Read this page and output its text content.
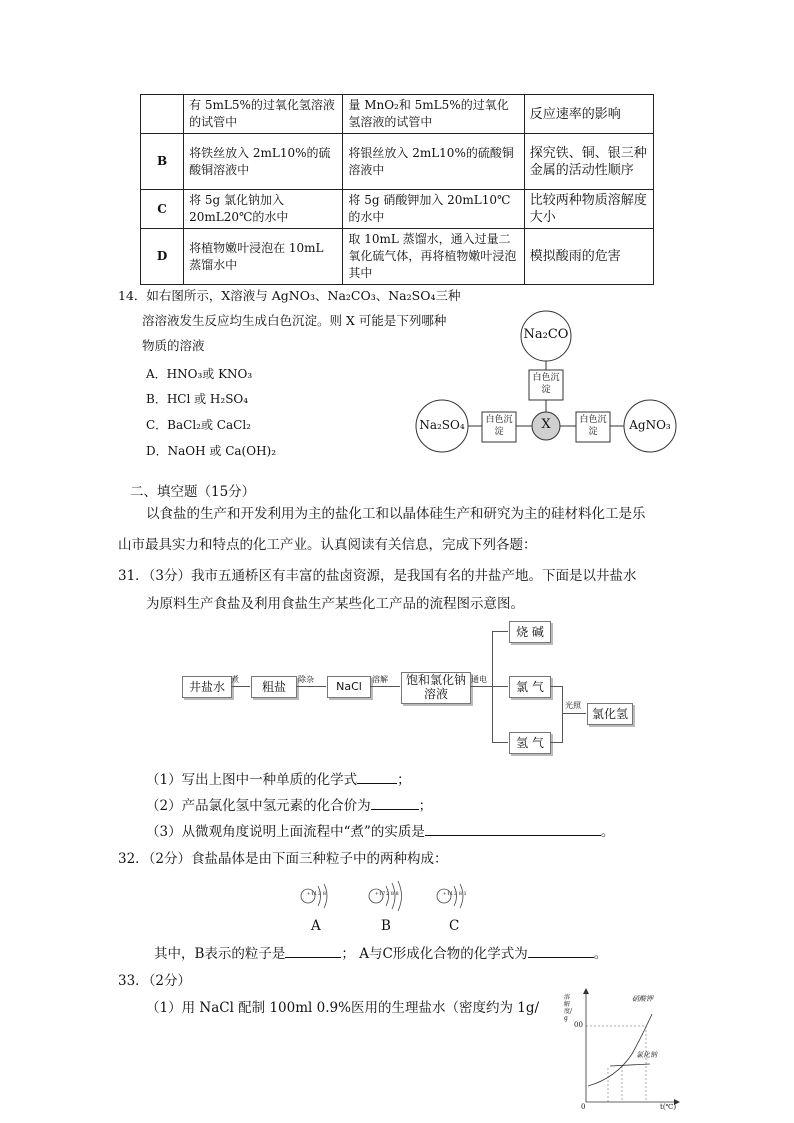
	有 5mL5%的过氧化氢溶液的试管中	量 MnO₂和 5mL5%的过氧化氢溶液的试管中	反应速率的影响
B	将铁丝放入 2mL10%的硫酸铜溶液中	将银丝放入 2mL10%的硫酸铜溶液中	探究铁、铜、银三种金属的活动性顺序
C	将 5g 氯化钠加入 20mL20℃的水中	将 5g 硝酸钾加入 20mL10℃的水中	比较两种物质溶解度大小
D	将植物嫩叶浸泡在 10mL 蒸馏水中	取 10mL 蒸馏水，通入过量二氧化硫气体，再将植物嫩叶浸泡其中	模拟酸雨的危害
14．如右图所示，X溶液与 AgNO₃、Na₂CO₃、Na₂SO₄三种
溶溶液发生反应均生成白色沉淀。则 X 可能是下列哪种
物质的溶液
A．HNO₃或 KNO₃
B．HCl 或 H₂SO₄
C．BaCl₂或 CaCl₂
D．NaOH 或 Ca(OH)₂
Na₂CO
Na₂SO₄	AgNO₃
X
白色沉淀
白色沉淀
白色沉淀
二、填空题（15分）
以食盐的生产和开发利用为主的盐化工和以晶体硅生产和研究为主的硅材料化工是乐
山市最具实力和特点的化工产业。认真阅读有关信息，完成下列各题：
31．（3分）我市五通桥区有丰富的盐卤资源，是我国有名的井盐产地。下面是以井盐水
为原料生产食盐及利用食盐生产某些化工产品的流程图示意图。
井盐水
煮
粗盐
除杂
NaCl
溶解	饱和氯化钠溶液
通电
烧 碱
氯 气
氢 气
光照
氯化氢
（1）写出上图中一种单质的化学式	；
（2）产品氯化氢中氢元素的化合价为	；
（3）从微观角度说明上面流程中“煮”的实质是	。
32．（2分）食盐晶体是由下面三种粒子中的两种构成：
+11	+17	+11
2 8	2 8 8	2 8 1
A	B	C
其中，B表示的粒子是	； A与C形成化合物的化学式为	。
33．（2分）
（1）用 NaCl 配制 100ml 0.9%医用的生理盐水（密度约为 1g/
溶解度/g
硝酸钾
氯化钠
00
0	t(℃)
